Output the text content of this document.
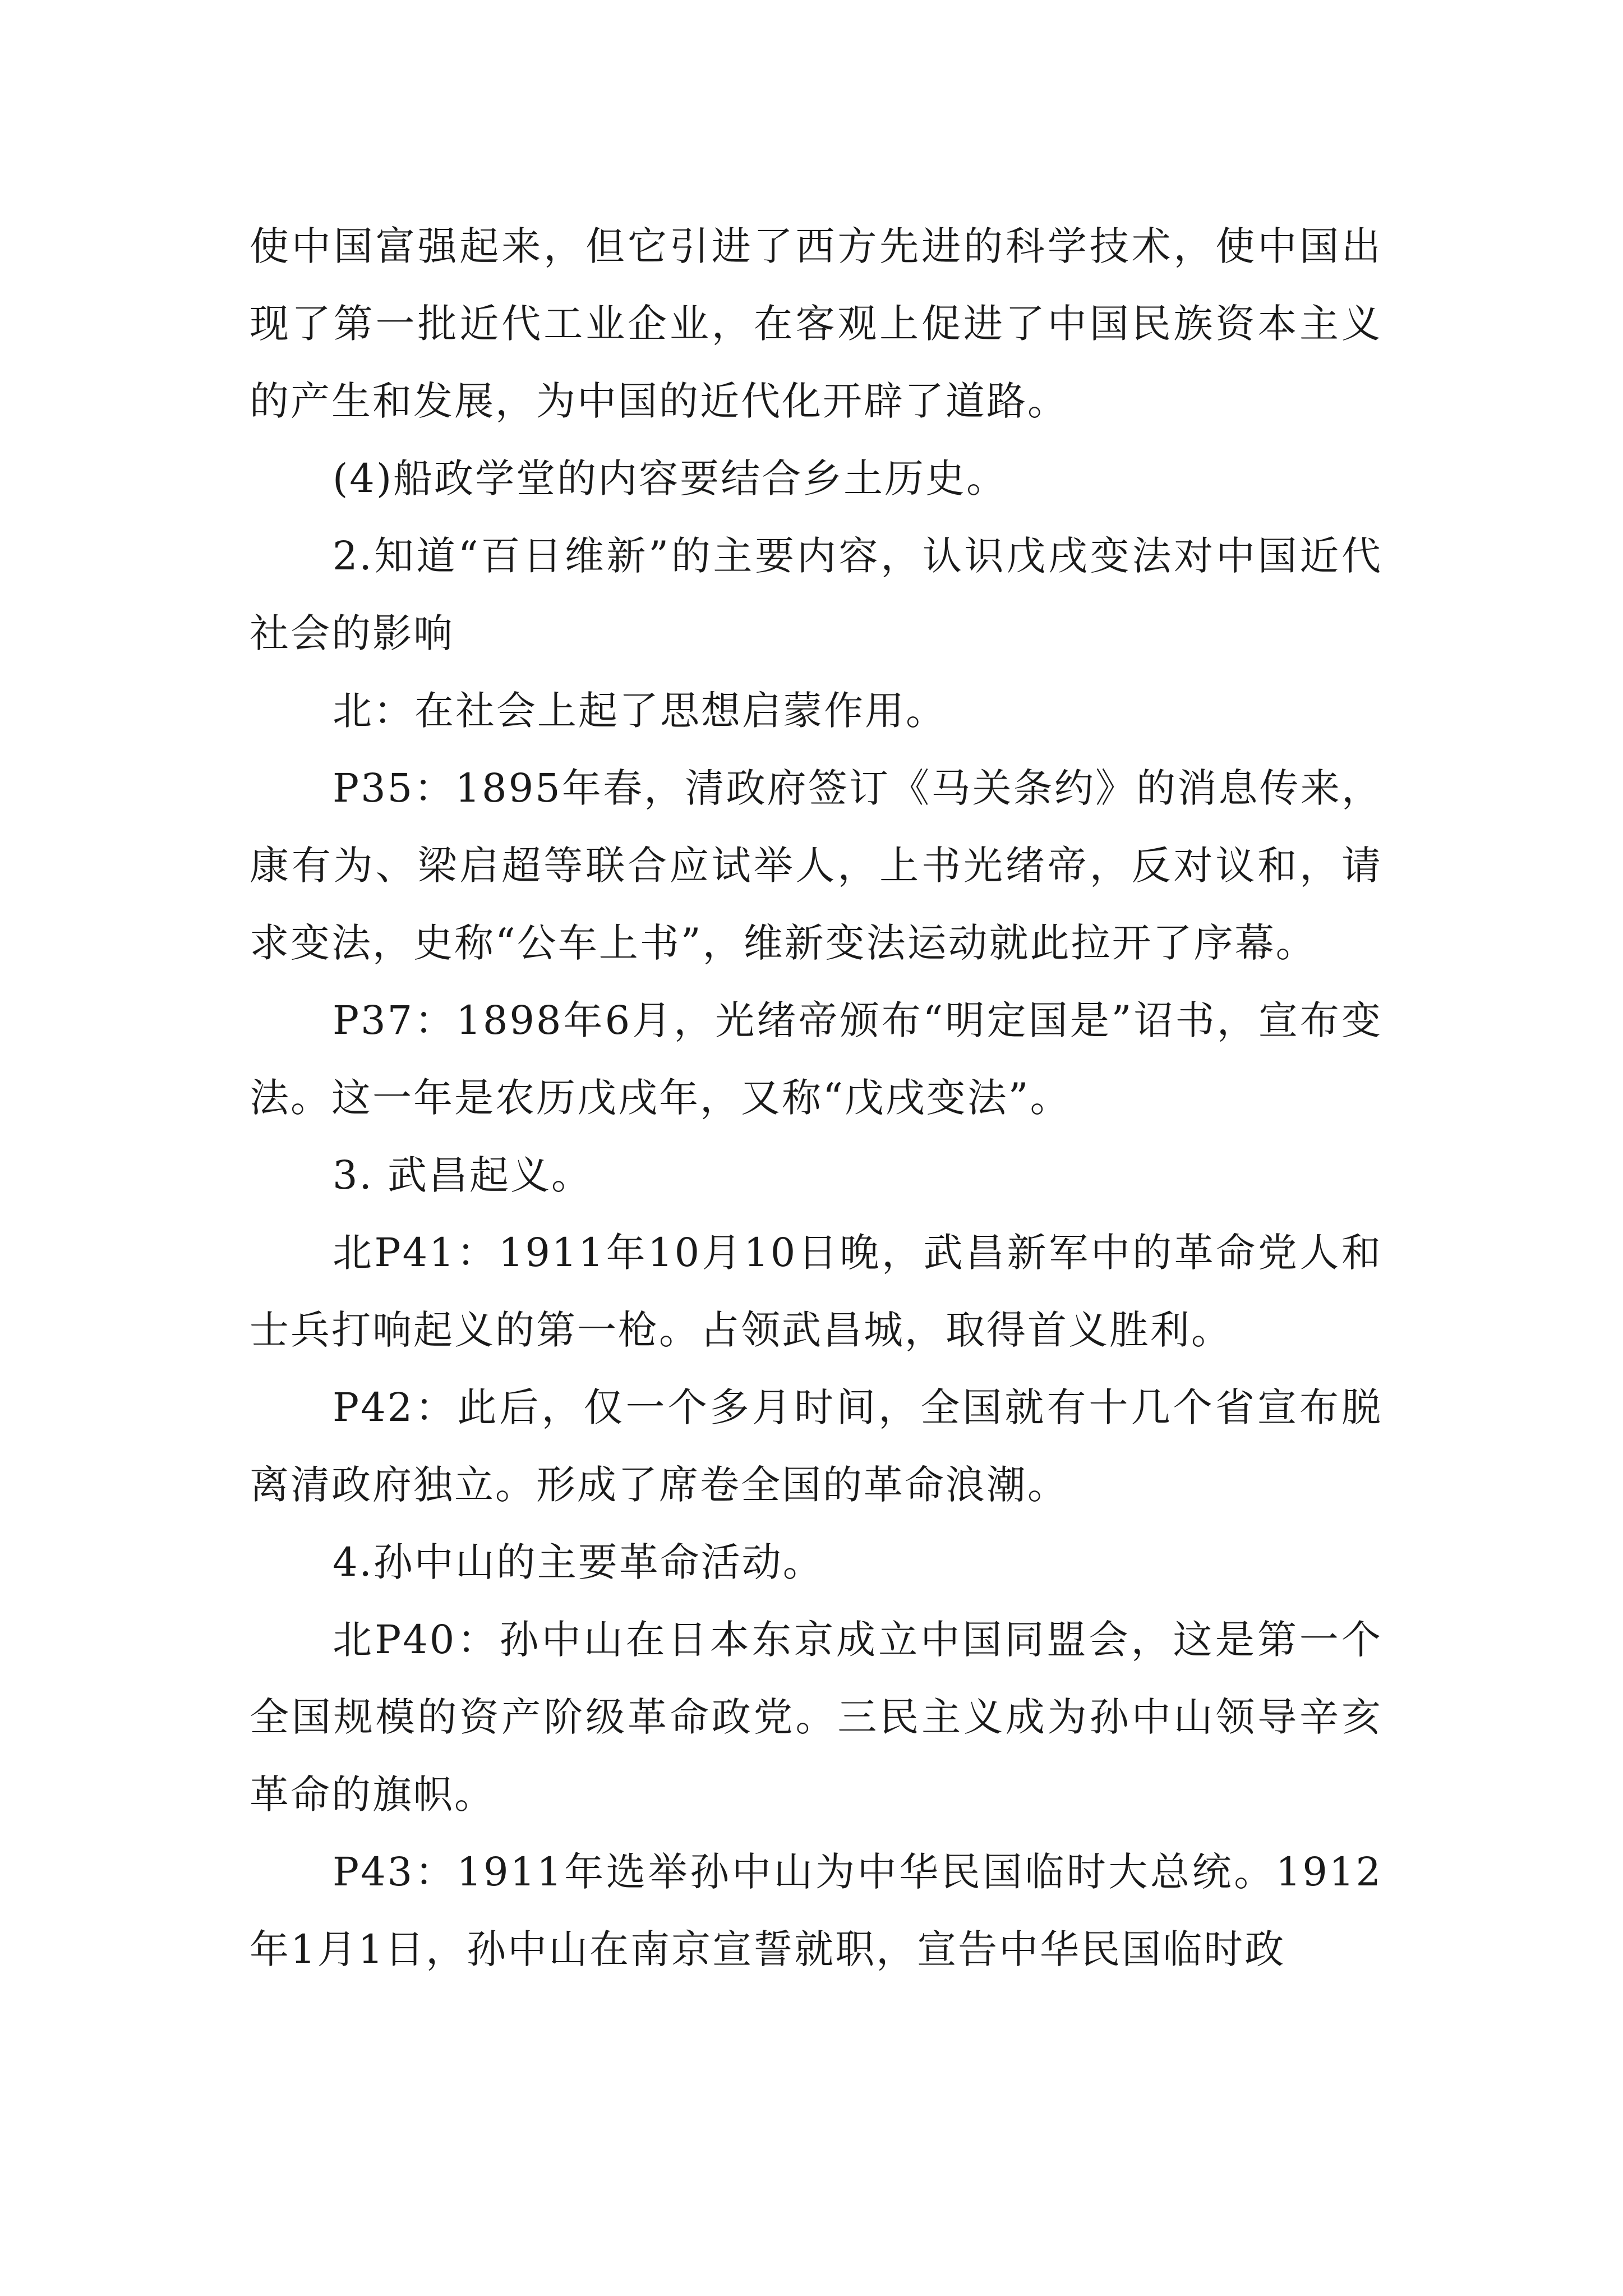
使中国富强起来，但它引进了西方先进的科学技术，使中国出现了第一批近代工业企业，在客观上促进了中国民族资本主义的产生和发展，为中国的近代化开辟了道路。

(4)船政学堂的内容要结合乡土历史。

2.知道“百日维新”的主要内容，认识戊戌变法对中国近代社会的影响

北：在社会上起了思想启蒙作用。

P35：1895年春，清政府签订《马关条约》的消息传来，康有为、梁启超等联合应试举人，上书光绪帝，反对议和，请求变法，史称“公车上书”，维新变法运动就此拉开了序幕。

P37：1898年6月，光绪帝颁布“明定国是”诏书，宣布变法。这一年是农历戊戌年，又称“戊戌变法”。

3. 武昌起义。

北P41：1911年10月10日晚，武昌新军中的革命党人和士兵打响起义的第一枪。占领武昌城，取得首义胜利。

P42：此后，仅一个多月时间，全国就有十几个省宣布脱离清政府独立。形成了席卷全国的革命浪潮。

4.孙中山的主要革命活动。

北P40：孙中山在日本东京成立中国同盟会，这是第一个全国规模的资产阶级革命政党。三民主义成为孙中山领导辛亥革命的旗帜。

P43：1911年选举孙中山为中华民国临时大总统。1912年1月1日，孙中山在南京宣誓就职，宣告中华民国临时政
